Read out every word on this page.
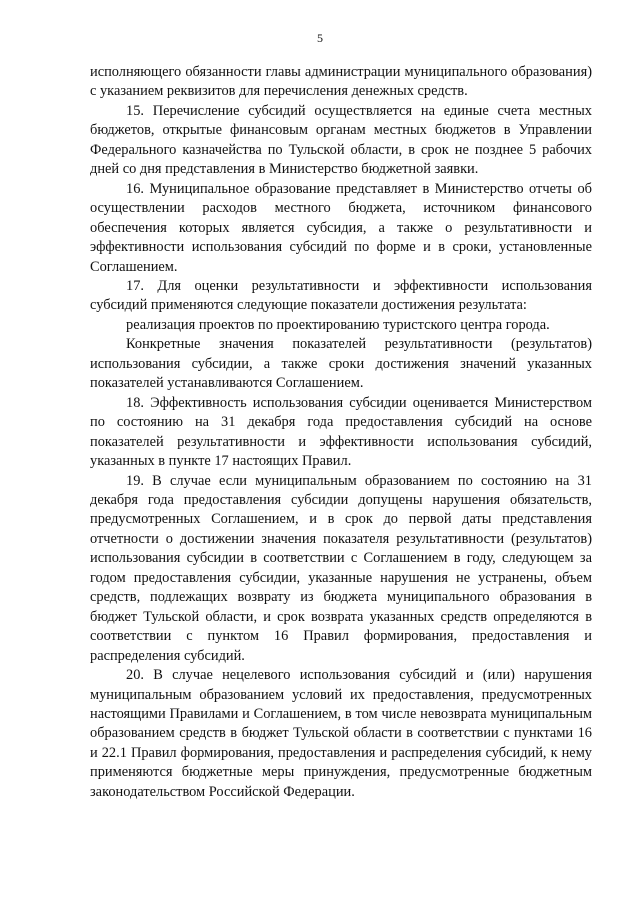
5

исполняющего обязанности главы администрации муниципального образования) с указанием реквизитов для перечисления денежных средств.

15. Перечисление субсидий осуществляется на единые счета местных бюджетов, открытые финансовым органам местных бюджетов в Управлении Федерального казначейства по Тульской области, в срок не позднее 5 рабочих дней со дня представления в Министерство бюджетной заявки.

16. Муниципальное образование представляет в Министерство отчеты об осуществлении расходов местного бюджета, источником финансового обеспечения которых является субсидия, а также о результативности и эффективности использования субсидий по форме и в сроки, установленные Соглашением.

17. Для оценки результативности и эффективности использования субсидий применяются следующие показатели достижения результата:

реализация проектов по проектированию туристского центра города.

Конкретные значения показателей результативности (результатов) использования субсидии, а также сроки достижения значений указанных показателей устанавливаются Соглашением.

18. Эффективность использования субсидии оценивается Министерством по состоянию на 31 декабря года предоставления субсидий на основе показателей результативности и эффективности использования субсидий, указанных в пункте 17 настоящих Правил.

19. В случае если муниципальным образованием по состоянию на 31 декабря года предоставления субсидии допущены нарушения обязательств, предусмотренных Соглашением, и в срок до первой даты представления отчетности о достижении значения показателя результативности (результатов) использования субсидии в соответствии с Соглашением в году, следующем за годом предоставления субсидии, указанные нарушения не устранены, объем средств, подлежащих возврату из бюджета муниципального образования в бюджет Тульской области, и срок возврата указанных средств определяются в соответствии с пунктом 16 Правил формирования, предоставления и распределения субсидий.

20. В случае нецелевого использования субсидий и (или) нарушения муниципальным образованием условий их предоставления, предусмотренных настоящими Правилами и Соглашением, в том числе невозврата муниципальным образованием средств в бюджет Тульской области в соответствии с пунктами 16 и 22.1 Правил формирования, предоставления и распределения субсидий, к нему применяются бюджетные меры принуждения, предусмотренные бюджетным законодательством Российской Федерации.
